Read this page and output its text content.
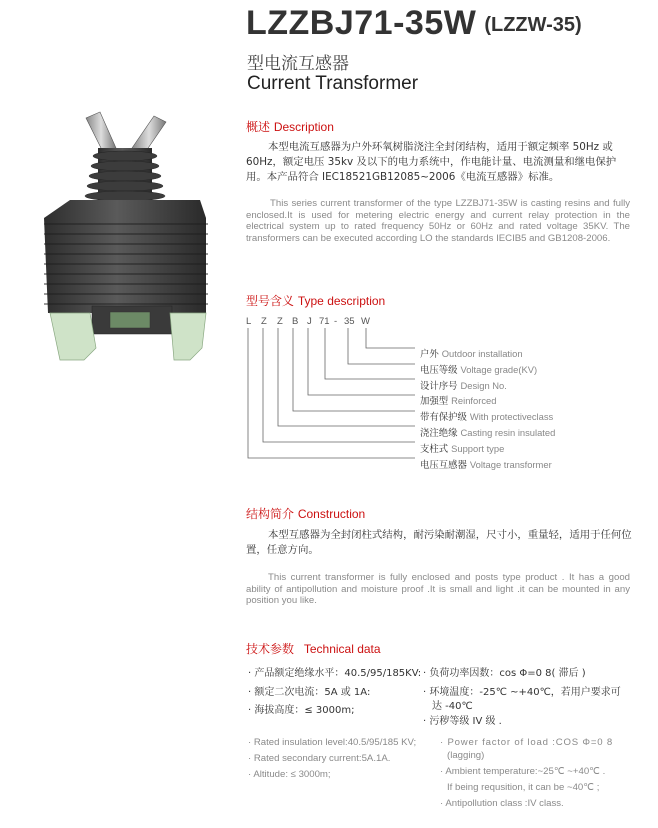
LZZBJ71-35W (LZZW-35)
型电流互感器
Current Transformer
概述 Description
本型电流互感器为户外环氧树脂浇注全封闭结构，适用于额定频率 50Hz 或 60Hz，额定电压 35kv 及以下的电力系统中，作电能计量、电流测量和继电保护用。本产品符合 IEC18521GB12085~2006《电流互感器》标准。
This series current transformer of the type LZZBJ71-35W is casting resins and fully enclosed.It is used for metering electric energy and current relay protection in the electrical system up to rated frequency 50Hz or 60Hz and rated voltage 35KV. The transformers can be executed according LO the standards IECIB5 and GB1208-2006.
型号含义 Type description
L Z Z B J 71 - 35 W
户外 Outdoor installation
电压等级 Voltage grade(KV)
设计序号 Design No.
加强型 Reinforced
带有保护级 With protectiveclass
浇注绝缘 Casting resin insulated
支柱式 Support type
电压互感器 Voltage transformer
结构简介 Construction
本型互感器为全封闭柱式结构，耐污染耐潮湿，尺寸小，重量轻，适用于任何位置，任意方向。
This current transformer is fully enclosed and posts type product . It has a good ability of antipollution and moisture proof .It is small and light .it can be mounted in any position you like.
技术参数 Technical data
· 产品额定绝缘水平：40.5/95/185KV:
· 额定二次电流：5A 或 1A:
· 海拔高度：≤ 3000m;
· 负荷功率因数：cos Φ=0 8( 滞后 )
· 环境温度：-25℃ ~+40℃，若用户要求可
达 -40℃
· 污秽等级 IV 级 .
· Rated insulation level:40.5/95/185 KV;
· Rated secondary current:5A.1A.
· Altitude: ≤ 3000m;
· Power factor of load :COS Φ=0 8
(lagging)
· Ambient temperature:~25℃ ~+40℃ .
If being requsition, it can be ~40℃ ;
· Antipollution class :IV class.
